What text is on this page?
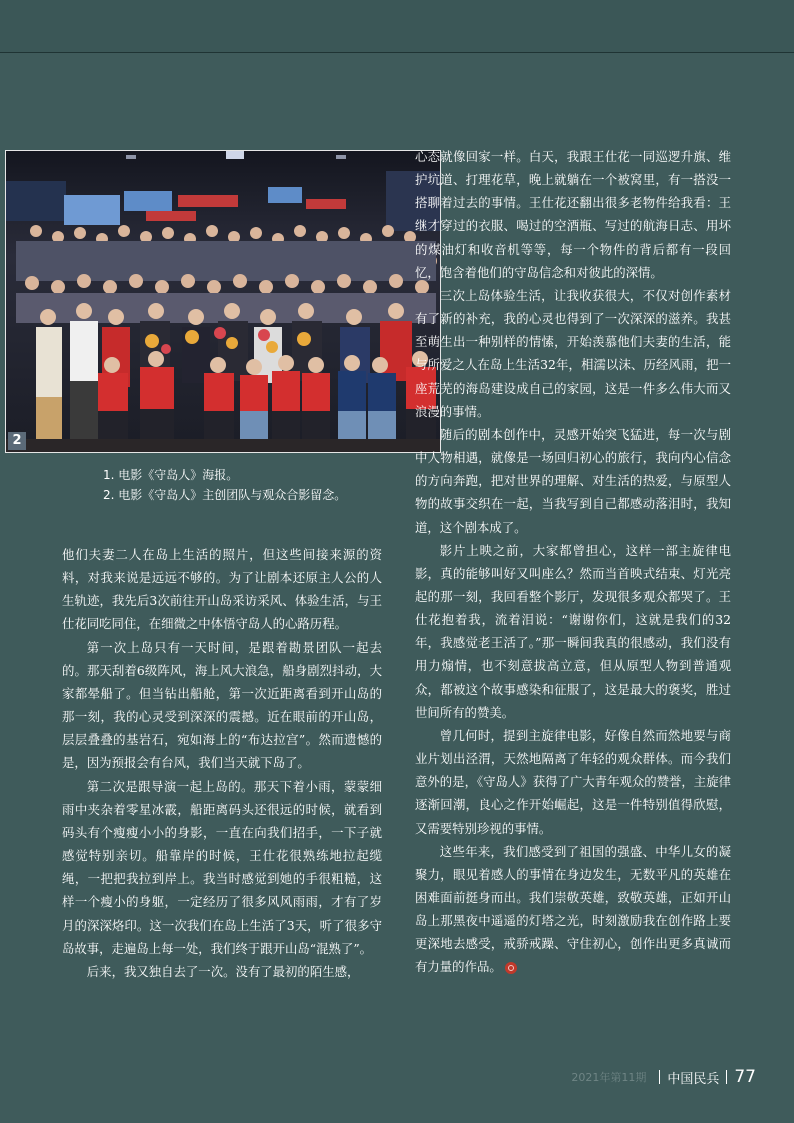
2
1. 电影《守岛人》海报。
2. 电影《守岛人》主创团队与观众合影留念。

他们夫妻二人在岛上生活的照片，但这些间接来源的资料，对我来说是远远不够的。为了让剧本还原主人公的人生轨迹，我先后3次前往开山岛采访采风、体验生活，与王仕花同吃同住，在细微之中体悟守岛人的心路历程。

第一次上岛只有一天时间，是跟着勘景团队一起去的。那天刮着6级阵风，海上风大浪急，船身剧烈抖动，大家都晕船了。但当钻出船舱，第一次近距离看到开山岛的那一刻，我的心灵受到深深的震撼。近在眼前的开山岛，层层叠叠的基岩石，宛如海上的“布达拉宫”。然而遗憾的是，因为预报会有台风，我们当天就下岛了。

第二次是跟导演一起上岛的。那天下着小雨，蒙蒙细雨中夹杂着零星冰霰，船距离码头还很远的时候，就看到码头有个瘦瘦小小的身影，一直在向我们招手，一下子就感觉特别亲切。船靠岸的时候，王仕花很熟练地拉起缆绳，一把把我拉到岸上。我当时感觉到她的手很粗糙，这样一个瘦小的身躯，一定经历了很多风风雨雨，才有了岁月的深深烙印。这一次我们在岛上生活了3天，听了很多守岛故事，走遍岛上每一处，我们终于跟开山岛“混熟了”。

后来，我又独自去了一次。没有了最初的陌生感，

心态就像回家一样。白天，我跟王仕花一同巡逻升旗、维护坑道、打理花草，晚上就躺在一个被窝里，有一搭没一搭聊着过去的事情。王仕花还翻出很多老物件给我看：王继才穿过的衣服、喝过的空酒瓶、写过的航海日志、用坏的煤油灯和收音机等等，每一个物件的背后都有一段回忆，饱含着他们的守岛信念和对彼此的深情。

三次上岛体验生活，让我收获很大，不仅对创作素材有了新的补充，我的心灵也得到了一次深深的滋养。我甚至萌生出一种别样的情愫，开始羡慕他们夫妻的生活，能与所爱之人在岛上生活32年，相濡以沫、历经风雨，把一座荒芜的海岛建设成自己的家园，这是一件多么伟大而又浪漫的事情。

随后的剧本创作中，灵感开始突飞猛进，每一次与剧中人物相遇，就像是一场回归初心的旅行，我向内心信念的方向奔跑，把对世界的理解、对生活的热爱，与原型人物的故事交织在一起，当我写到自己都感动落泪时，我知道，这个剧本成了。

影片上映之前，大家都曾担心，这样一部主旋律电影，真的能够叫好又叫座么？然而当首映式结束、灯光亮起的那一刻，我回看整个影厅，发现很多观众都哭了。王仕花抱着我，流着泪说：“谢谢你们，这就是我们的32年，我感觉老王活了。”那一瞬间我真的很感动，我们没有用力煽情，也不刻意拔高立意，但从原型人物到普通观众，都被这个故事感染和征服了，这是最大的褒奖，胜过世间所有的赞美。

曾几何时，提到主旋律电影，好像自然而然地要与商业片划出泾渭，天然地隔离了年轻的观众群体。而今我们意外的是，《守岛人》获得了广大青年观众的赞誉，主旋律逐渐回潮，良心之作开始崛起，这是一件特别值得欣慰，又需要特别珍视的事情。

这些年来，我们感受到了祖国的强盛、中华儿女的凝聚力，眼见着感人的事情在身边发生，无数平凡的英雄在困难面前挺身而出。我们崇敬英雄，致敬英雄，正如开山岛上那黑夜中遥遥的灯塔之光，时刻激励我在创作路上要更深地去感受，戒骄戒躁、守住初心，创作出更多真诚而有力量的作品。

2021年第11期 中国民兵 77
